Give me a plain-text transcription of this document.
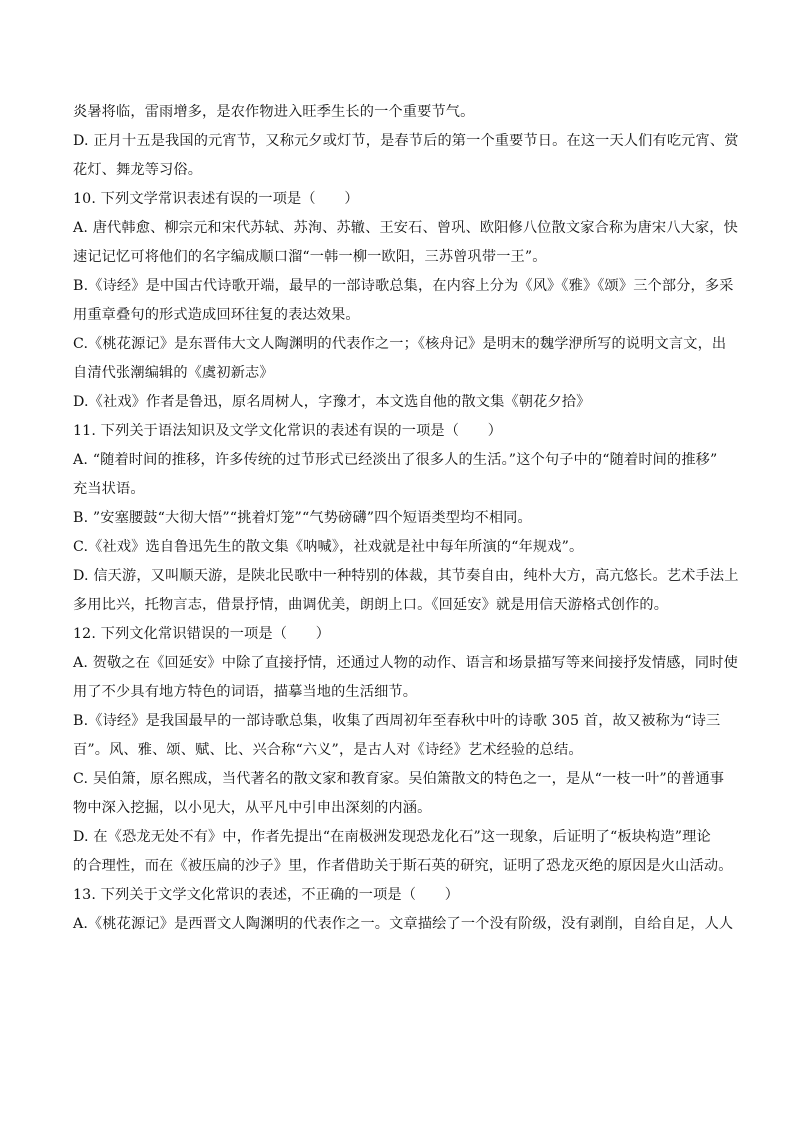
炎暑将临，雷雨增多，是农作物进入旺季生长的一个重要节气。
D. 正月十五是我国的元宵节，又称元夕或灯节，是春节后的第一个重要节日。在这一天人们有吃元宵、赏
花灯、舞龙等习俗。
10. 下列文学常识表述有误的一项是（　　）
A. 唐代韩愈、柳宗元和宋代苏轼、苏洵、苏辙、王安石、曾巩、欧阳修八位散文家合称为唐宋八大家，快
速记记忆可将他们的名字编成顺口溜“一韩一柳一欧阳，三苏曾巩带一王”。
B.《诗经》是中国古代诗歌开端，最早的一部诗歌总集，在内容上分为《风》《雅》《颂》三个部分，多采
用重章叠句的形式造成回环往复的表达效果。
C.《桃花源记》是东晋伟大文人陶渊明的代表作之一；《核舟记》是明末的魏学洢所写的说明文言文，出
自清代张潮编辑的《虞初新志》
D.《社戏》作者是鲁迅，原名周树人，字豫才，本文选自他的散文集《朝花夕拾》
11. 下列关于语法知识及文学文化常识的表述有误的一项是（　　）
A. “随着时间的推移，许多传统的过节形式已经淡出了很多人的生活。”这个句子中的“随着时间的推移”
充当状语。
B. ”安塞腰鼓“大彻大悟”“挑着灯笼”“气势磅礴”四个短语类型均不相同。
C.《社戏》选自鲁迅先生的散文集《呐喊》，社戏就是社中每年所演的“年规戏”。
D. 信天游，又叫顺天游，是陕北民歌中一种特别的体裁，其节奏自由，纯朴大方，高亢悠长。艺术手法上
多用比兴，托物言志，借景抒情，曲调优美，朗朗上口。《回延安》就是用信天游格式创作的。
12. 下列文化常识错误的一项是（　　）
A. 贺敬之在《回延安》中除了直接抒情，还通过人物的动作、语言和场景描写等来间接抒发情感，同时使
用了不少具有地方特色的词语，描摹当地的生活细节。
B.《诗经》是我国最早的一部诗歌总集，收集了西周初年至春秋中叶的诗歌 305 首，故又被称为“诗三
百”。风、雅、颂、赋、比、兴合称“六义”，是古人对《诗经》艺术经验的总结。
C. 吴伯箫，原名熙成，当代著名的散文家和教育家。吴伯箫散文的特色之一，是从“一枝一叶”的普通事
物中深入挖掘，以小见大，从平凡中引申出深刻的内涵。
D. 在《恐龙无处不有》中，作者先提出“在南极洲发现恐龙化石”这一现象，后证明了“板块构造”理论
的合理性，而在《被压扁的沙子》里，作者借助关于斯石英的研究，证明了恐龙灭绝的原因是火山活动。
13. 下列关于文学文化常识的表述，不正确的一项是（　　）
A.《桃花源记》是西晋文人陶渊明的代表作之一。文章描绘了一个没有阶级，没有剥削，自给自足，人人
